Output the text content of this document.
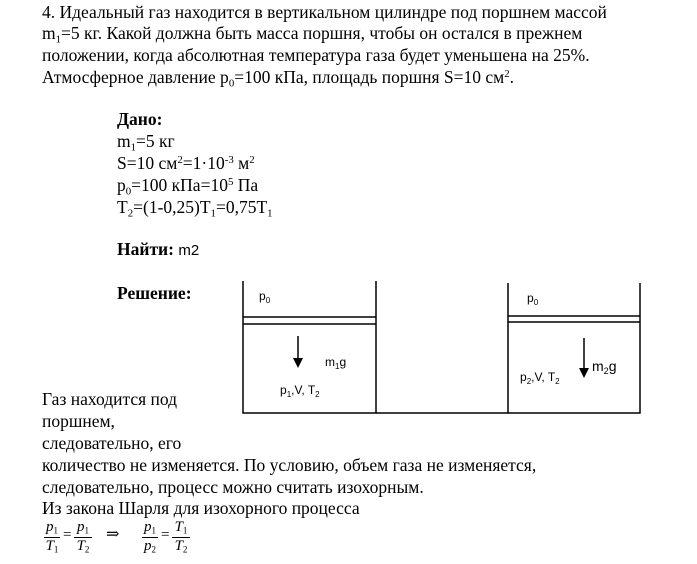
4. Идеальный газ находится в вертикальном цилиндре под поршнем массой
$m_1=5$ кг. Какой должна быть масса поршня, чтобы он остался в прежнем
положении, когда абсолютная температура газа будет уменьшена на 25%.
Атмосферное давление $p_0=100$ кПа, площадь поршня S=10 $см^2$.
Дано:
$m_1=5$ кг
S=10 $см^2=1\cdot 10^{-3}$ $м^2$
$p_0=100$ $кПа=10^5$ Па
$T_2=(1-0,25)T_1=0,75T_1$
Найти: m2
Решение:	$p_0$
$m_1g$
$p_1,V$, $T_2$
$p_0$
$m_2g$
$p_2,V$, $T_2$
Газ находится под
поршнем,
следовательно, его
количество не изменяется. По условию, объем газа не изменяется,
следовательно, процесс можно считать изохорным.
Из закона Шарля для изохорного процесса
$p_1$
$T_1$
= $p_1$
$T_2$
⇒ $p_1$
$p_2$
= $T_1$
$T_2$
